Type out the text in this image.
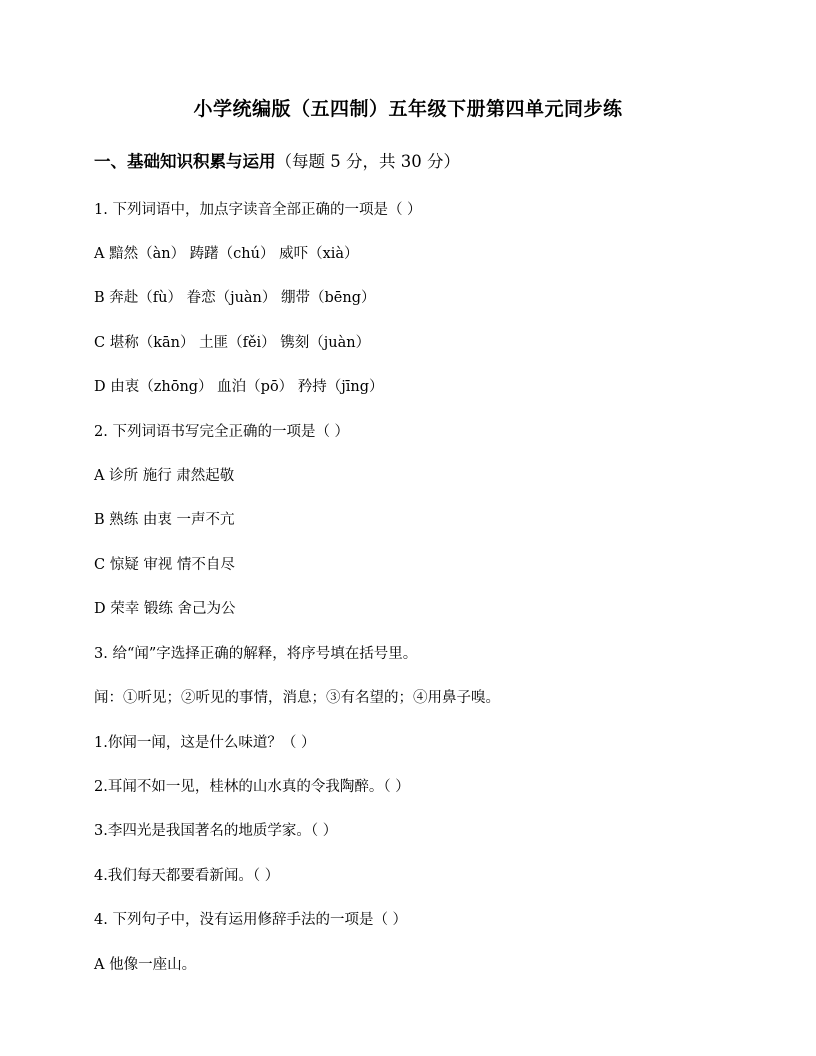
小学统编版（五四制）五年级下册第四单元同步练
一、基础知识积累与运用（每题 5 分，共 30 分）
1. 下列词语中，加点字读音全部正确的一项是（ ）
A 黯然（àn） 踌躇（chú） 威吓（xià）
B 奔赴（fù） 眷恋（juàn） 绷带（bēng）
C 堪称（kān） 土匪（fěi） 镌刻（juàn）
D 由衷（zhōng） 血泊（pō） 矜持（jīng）
2. 下列词语书写完全正确的一项是（ ）
A 诊所 施行 肃然起敬
B 熟练 由衷 一声不亢
C 惊疑 审视 情不自尽
D 荣幸 锻练 舍己为公
3. 给“闻”字选择正确的解释，将序号填在括号里。
闻：①听见；②听见的事情，消息；③有名望的；④用鼻子嗅。
1.你闻一闻，这是什么味道？（ ）
2.耳闻不如一见，桂林的山水真的令我陶醉。（ ）
3.李四光是我国著名的地质学家。（ ）
4.我们每天都要看新闻。（ ）
4. 下列句子中，没有运用修辞手法的一项是（ ）
A 他像一座山。
